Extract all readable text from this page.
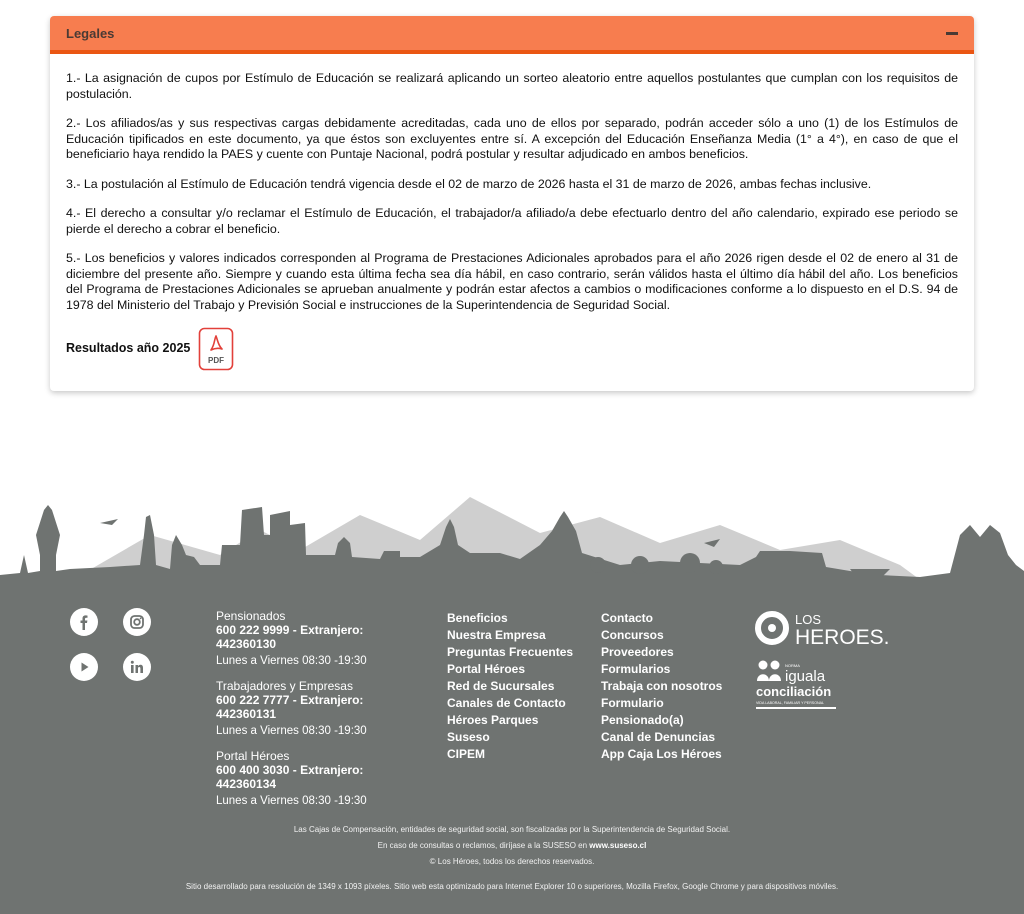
Legales

1.- La asignación de cupos por Estímulo de Educación se realizará aplicando un sorteo aleatorio entre aquellos postulantes que cumplan con los requisitos de postulación.

2.- Los afiliados/as y sus respectivas cargas debidamente acreditadas, cada uno de ellos por separado, podrán acceder sólo a uno (1) de los Estímulos de Educación tipificados en este documento, ya que éstos son excluyentes entre sí. A excepción del Educación Enseñanza Media (1° a 4°), en caso de que el beneficiario haya rendido la PAES y cuente con Puntaje Nacional, podrá postular y resultar adjudicado en ambos beneficios.

3.- La postulación al Estímulo de Educación tendrá vigencia desde el 02 de marzo de 2026 hasta el 31 de marzo de 2026, ambas fechas inclusive.

4.- El derecho a consultar y/o reclamar el Estímulo de Educación, el trabajador/a afiliado/a debe efectuarlo dentro del año calendario, expirado ese periodo se pierde el derecho a cobrar el beneficio.

5.- Los beneficios y valores indicados corresponden al Programa de Prestaciones Adicionales aprobados para el año 2026 rigen desde el 02 de enero al 31 de diciembre del presente año. Siempre y cuando esta última fecha sea día hábil, en caso contrario, serán válidos hasta el último día hábil del año. Los beneficios del Programa de Prestaciones Adicionales se aprueban anualmente y podrán estar afectos a cambios o modificaciones conforme a lo dispuesto en el D.S. 94 de 1978 del Ministerio del Trabajo y Previsión Social e instrucciones de la Superintendencia de Seguridad Social.

Resultados año 2025
PDF
Pensionados
600 222 9999 - Extranjero: 442360130
Lunes a Viernes 08:30 -19:30
Trabajadores y Empresas
600 222 7777 - Extranjero: 442360131
Lunes a Viernes 08:30 -19:30
Portal Héroes
600 400 3030 - Extranjero: 442360134
Lunes a Viernes 08:30 -19:30
Beneficios
Nuestra Empresa
Preguntas Frecuentes
Portal Héroes
Red de Sucursales
Canales de Contacto
Héroes Parques
Suseso
CIPEM
Contacto
Concursos
Proveedores
Formularios
Trabaja con nosotros
Formulario Pensionado(a)
Canal de Denuncias
App Caja Los Héroes
LOS
HEROES.
NORMA
iguala
conciliación
VIDA LABORAL, FAMILIAR Y PERSONAL
Las Cajas de Compensación, entidades de seguridad social, son fiscalizadas por la Superintendencia de Seguridad Social.
En caso de consultas o reclamos, diríjase a la SUSESO en www.suseso.cl
© Los Héroes, todos los derechos reservados.
Sitio desarrollado para resolución de 1349 x 1093 píxeles. Sitio web esta optimizado para Internet Explorer 10 o superiores, Mozilla Firefox, Google Chrome y para dispositivos móviles.
